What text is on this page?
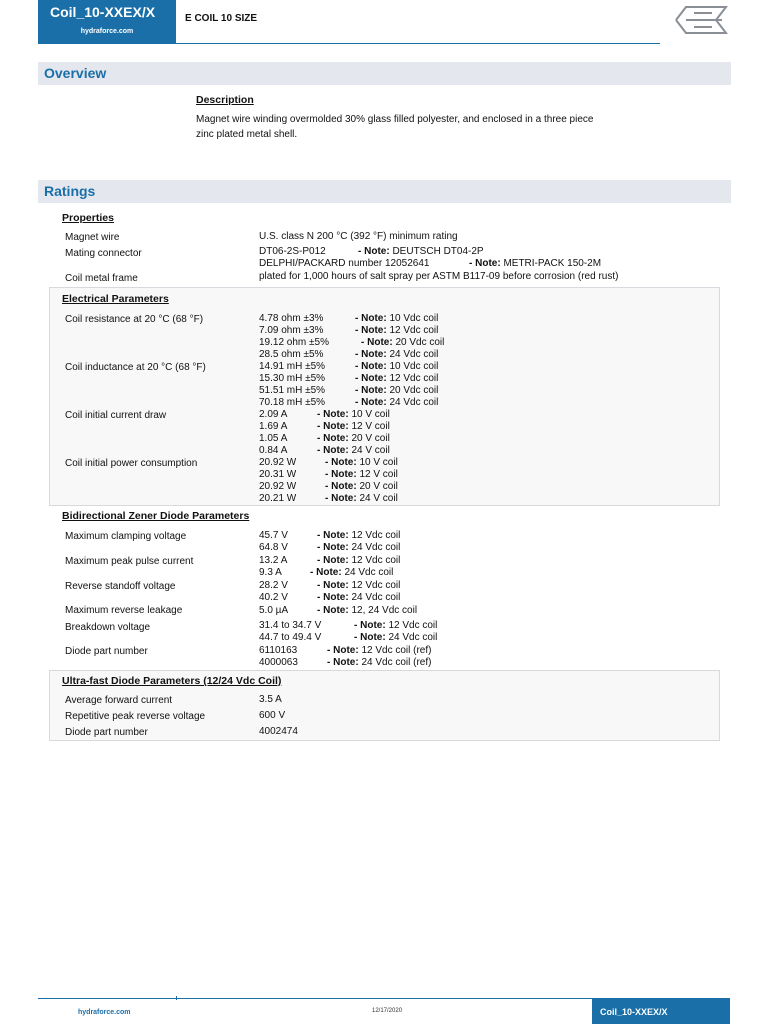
Coil_10-XXEX/X
hydraforce.com
E COIL 10 SIZE
Overview
Description
Magnet wire winding overmolded 30% glass filled polyester, and enclosed in a three piece
zinc plated metal shell.
Ratings
Properties
Magnet wire	U.S. class N 200 °C (392 °F) minimum rating
Mating connector	DT06-2S-P012	- Note: DEUTSCH DT04-2P
DELPHI/PACKARD number 12052641	- Note: METRI-PACK 150-2M
Coil metal frame	plated for 1,000 hours of salt spray per ASTM B117-09 before corrosion (red rust)
Electrical Parameters
Coil resistance at 20 °C (68 °F)	4.78 ohm ±3%	- Note: 10 Vdc coil
7.09 ohm ±3%	- Note: 12 Vdc coil
19.12 ohm ±5%	- Note: 20 Vdc coil
28.5 ohm ±5%	- Note: 24 Vdc coil
Coil inductance at 20 °C (68 °F)	14.91 mH ±5%	- Note: 10 Vdc coil
15.30 mH ±5%	- Note: 12 Vdc coil
51.51 mH ±5%	- Note: 20 Vdc coil
70.18 mH ±5%	- Note: 24 Vdc coil
Coil initial current draw	2.09 A	- Note: 10 V coil
1.69 A	- Note: 12 V coil
1.05 A	- Note: 20 V coil
0.84 A	- Note: 24 V coil
Coil initial power consumption	20.92 W	- Note: 10 V coil
20.31 W	- Note: 12 V coil
20.92 W	- Note: 20 V coil
20.21 W	- Note: 24 V coil
Bidirectional Zener Diode Parameters
Maximum clamping voltage	45.7 V	- Note: 12 Vdc coil
64.8 V	- Note: 24 Vdc coil
Maximum peak pulse current	13.2 A	- Note: 12 Vdc coil
9.3 A	- Note: 24 Vdc coil
Reverse standoff voltage	28.2 V	- Note: 12 Vdc coil
40.2 V	- Note: 24 Vdc coil
Maximum reverse leakage	5.0 µA	- Note: 12, 24 Vdc coil
Breakdown voltage	31.4 to 34.7 V	- Note: 12 Vdc coil
44.7 to 49.4 V	- Note: 24 Vdc coil
Diode part number	6110163	- Note: 12 Vdc coil (ref)
4000063	- Note: 24 Vdc coil (ref)
Ultra-fast Diode Parameters (12/24 Vdc Coil)
Average forward current	3.5 A
Repetitive peak reverse voltage	600 V
Diode part number	4002474
hydraforce.com	12/17/2020	Coil_10-XXEX/X
